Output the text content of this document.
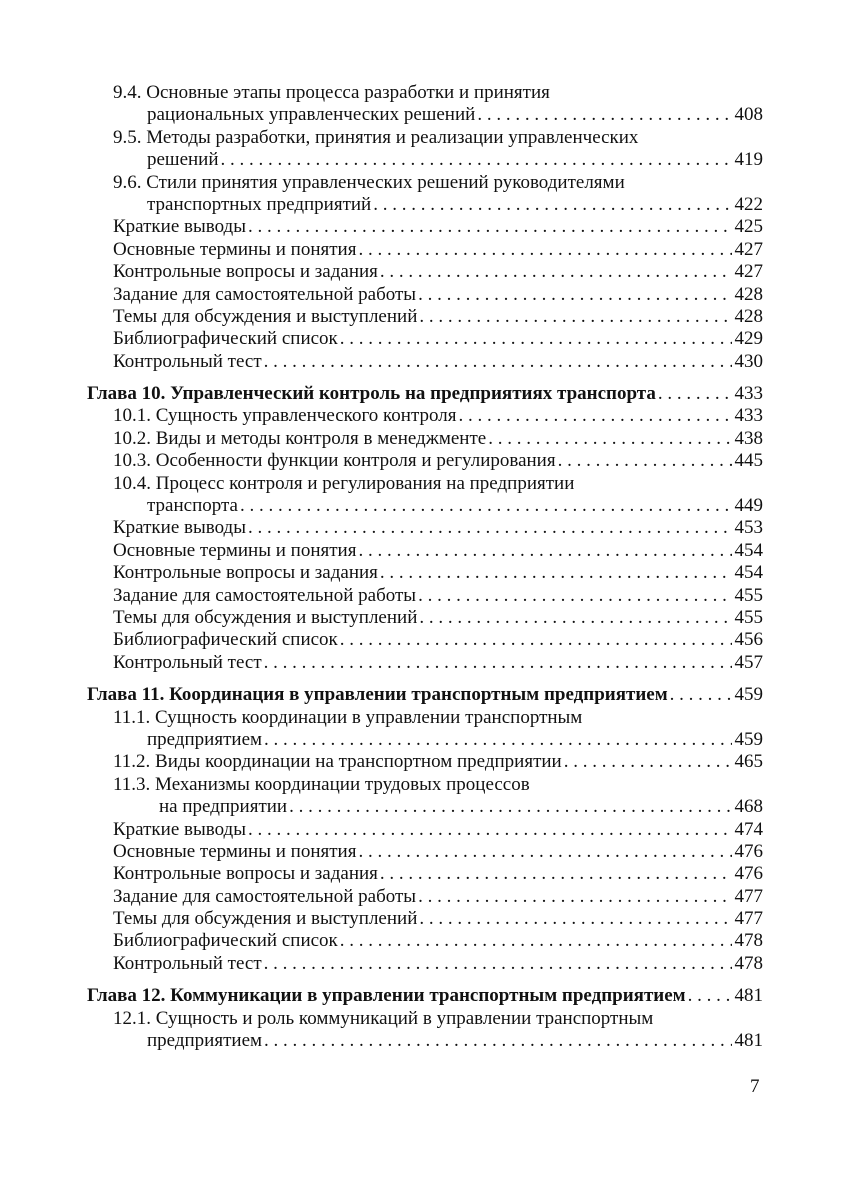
9.4.
Основные этапы процесса разработки и принятия
рациональных управленческих решений . . .	408
9.5.
Методы разработки, принятия и реализации управленческих
решений . . .	419
9.6.
Стили принятия управленческих решений руководителями
транспортных предприятий . . .	422
Краткие выводы . . .	425
Основные термины и понятия . . .	427
Контрольные вопросы и задания . . .	427
Задание для самостоятельной работы . . .	428
Темы для обсуждения и выступлений . . .	428
Библиографический список . . .	429
Контрольный тест . . .	430
Глава 10. Управленческий контроль на предприятиях транспорта . . .	433
10.1. Сущность управленческого контроля . . .	433
10.2. Виды и методы контроля в менеджменте . . .	438
10.3. Особенности функции контроля и регулирования . . .	445
10.4. Процесс контроля и регулирования на предприятии
транспорта . . .	449
Краткие выводы . . .	453
Основные термины и понятия . . .	454
Контрольные вопросы и задания . . .	454
Задание для самостоятельной работы . . .	455
Темы для обсуждения и выступлений . . .	455
Библиографический список . . .	456
Контрольный тест . . .	457
Глава 11. Координация в управлении транспортным предприятием . . .	459
11.1. Сущность координации в управлении транспортным
предприятием . . .	459
11.2. Виды координации на транспортном предприятии . . .	465
11.3. Механизмы координации трудовых процессов
на предприятии . . .	468
Краткие выводы . . .	474
Основные термины и понятия . . .	476
Контрольные вопросы и задания . . .	476
Задание для самостоятельной работы . . .	477
Темы для обсуждения и выступлений . . .	477
Библиографический список . . .	478
Контрольный тест . . .	478
Глава 12. Коммуникации в управлении транспортным предприятием . . .	481
12.1. Сущность и роль коммуникаций в управлении транспортным
предприятием . . .	481
7
